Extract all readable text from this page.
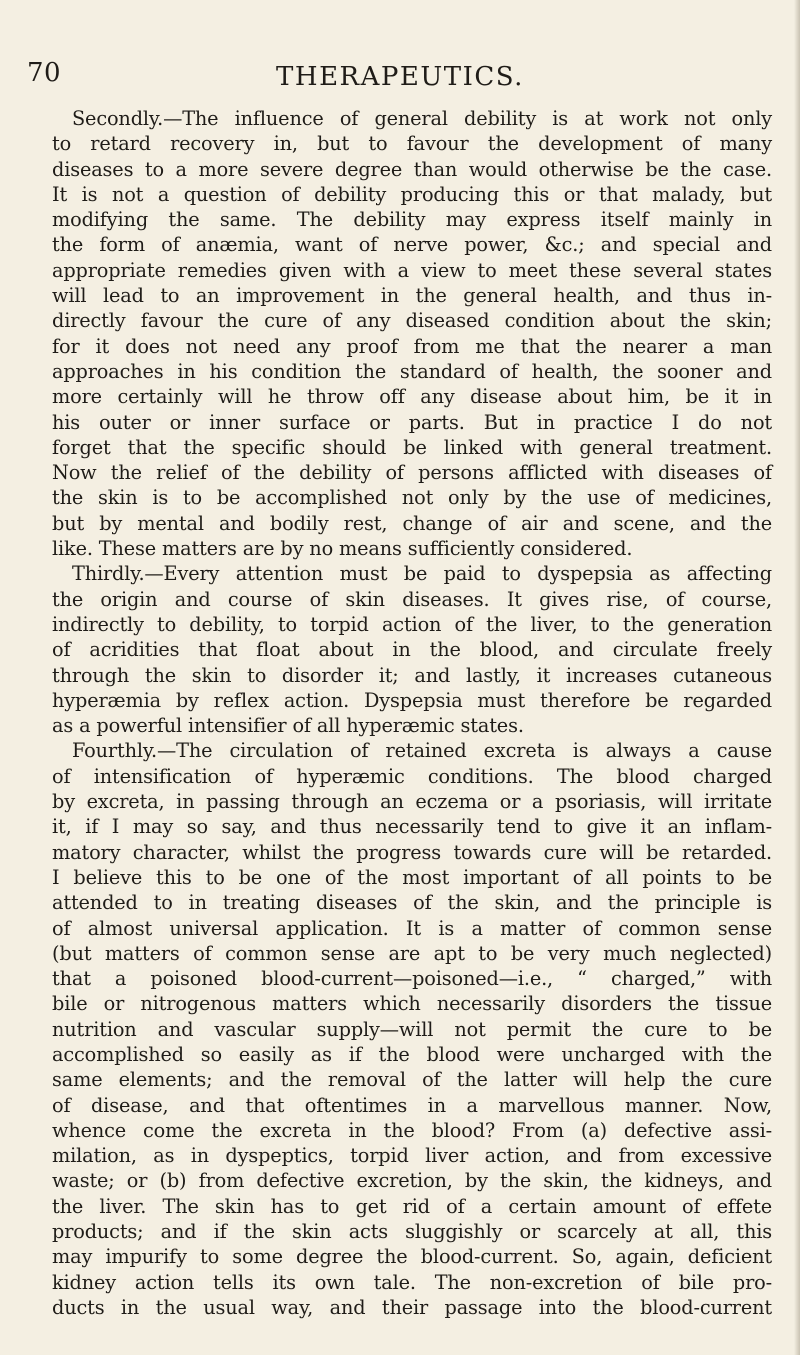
70	THERAPEUTICS.
Secondly.—The influence of general debility is at work not only
to retard recovery in, but to favour the development of many
diseases to a more severe degree than would otherwise be the case.
It is not a question of debility producing this or that malady, but
modifying the same. The debility may express itself mainly in
the form of anæmia, want of nerve power, &c.; and special and
appropriate remedies given with a view to meet these several states
will lead to an improvement in the general health, and thus in-
directly favour the cure of any diseased condition about the skin;
for it does not need any proof from me that the nearer a man
approaches in his condition the standard of health, the sooner and
more certainly will he throw off any disease about him, be it in
his outer or inner surface or parts. But in practice I do not
forget that the specific should be linked with general treatment.
Now the relief of the debility of persons afflicted with diseases of
the skin is to be accomplished not only by the use of medicines,
but by mental and bodily rest, change of air and scene, and the
like. These matters are by no means sufficiently considered.
Thirdly.—Every attention must be paid to dyspepsia as affecting
the origin and course of skin diseases. It gives rise, of course,
indirectly to debility, to torpid action of the liver, to the generation
of acridities that float about in the blood, and circulate freely
through the skin to disorder it; and lastly, it increases cutaneous
hyperæmia by reflex action. Dyspepsia must therefore be regarded
as a powerful intensifier of all hyperæmic states.
Fourthly.—The circulation of retained excreta is always a cause
of intensification of hyperæmic conditions. The blood charged
by excreta, in passing through an eczema or a psoriasis, will irritate
it, if I may so say, and thus necessarily tend to give it an inflam-
matory character, whilst the progress towards cure will be retarded.
I believe this to be one of the most important of all points to be
attended to in treating diseases of the skin, and the principle is
of almost universal application. It is a matter of common sense
(but matters of common sense are apt to be very much neglected)
that a poisoned blood-current—poisoned—i.e., “ charged,” with
bile or nitrogenous matters which necessarily disorders the tissue
nutrition and vascular supply—will not permit the cure to be
accomplished so easily as if the blood were uncharged with the
same elements; and the removal of the latter will help the cure
of disease, and that oftentimes in a marvellous manner. Now,
whence come the excreta in the blood? From (a) defective assi-
milation, as in dyspeptics, torpid liver action, and from excessive
waste; or (b) from defective excretion, by the skin, the kidneys, and
the liver. The skin has to get rid of a certain amount of effete
products; and if the skin acts sluggishly or scarcely at all, this
may impurify to some degree the blood-current. So, again, deficient
kidney action tells its own tale. The non-excretion of bile pro-
ducts in the usual way, and their passage into the blood-current
